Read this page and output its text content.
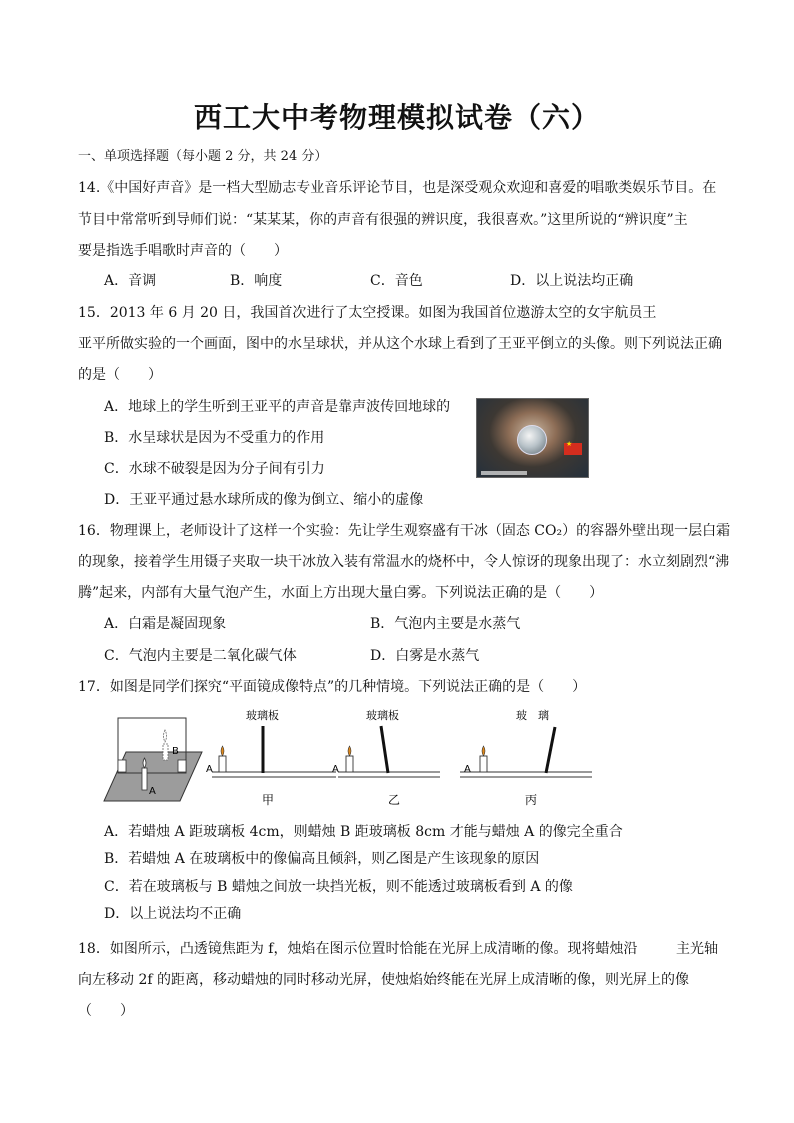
西工大中考物理模拟试卷（六）
一、单项选择题（每小题 2 分，共 24 分）
14.《中国好声音》是一档大型励志专业音乐评论节目，也是深受观众欢迎和喜爱的唱歌类娱乐节目。在
节目中常常听到导师们说：“某某某，你的声音有很强的辨识度，我很喜欢。”这里所说的“辨识度”主
要是指选手唱歌时声音的（　　）
A．音调	B．响度	C．音色	D．以上说法均正确
15．2013 年 6 月 20 日，我国首次进行了太空授课。如图为我国首位遨游太空的女宇航员王
亚平所做实验的一个画面，图中的水呈球状，并从这个水球上看到了王亚平倒立的头像。则下列说法正确
的是（　　）
A．地球上的学生听到王亚平的声音是靠声波传回地球的
B．水呈球状是因为不受重力的作用
C．水球不破裂是因为分子间有引力
D．王亚平通过悬水球所成的像为倒立、缩小的虚像
★
16．物理课上，老师设计了这样一个实验：先让学生观察盛有干冰（固态 CO₂）的容器外壁出现一层白霜
的现象，接着学生用镊子夹取一块干冰放入装有常温水的烧杯中，令人惊讶的现象出现了：水立刻剧烈“沸
腾”起来，内部有大量气泡产生，水面上方出现大量白雾。下列说法正确的是（　　）
A．白霜是凝固现象	B．气泡内主要是水蒸气
C．气泡内主要是二氧化碳气体	D．白雾是水蒸气
17．如图是同学们探究“平面镜成像特点”的几种情境。下列说法正确的是（　　）
B
A
A
玻璃板
甲
A
玻璃板
乙
A
玻　璃
丙
A．若蜡烛 A 距玻璃板 4cm，则蜡烛 B 距玻璃板 8cm 才能与蜡烛 A 的像完全重合
B．若蜡烛 A 在玻璃板中的像偏高且倾斜，则乙图是产生该现象的原因
C．若在玻璃板与 B 蜡烛之间放一块挡光板，则不能透过玻璃板看到 A 的像
D．以上说法均不正确
18．如图所示，凸透镜焦距为 f，烛焰在图示位置时恰能在光屏上成清晰的像。现将蜡烛沿	主光轴
向左移动 2f 的距离，移动蜡烛的同时移动光屏，使烛焰始终能在光屏上成清晰的像，则光屏上的像
（　　）
